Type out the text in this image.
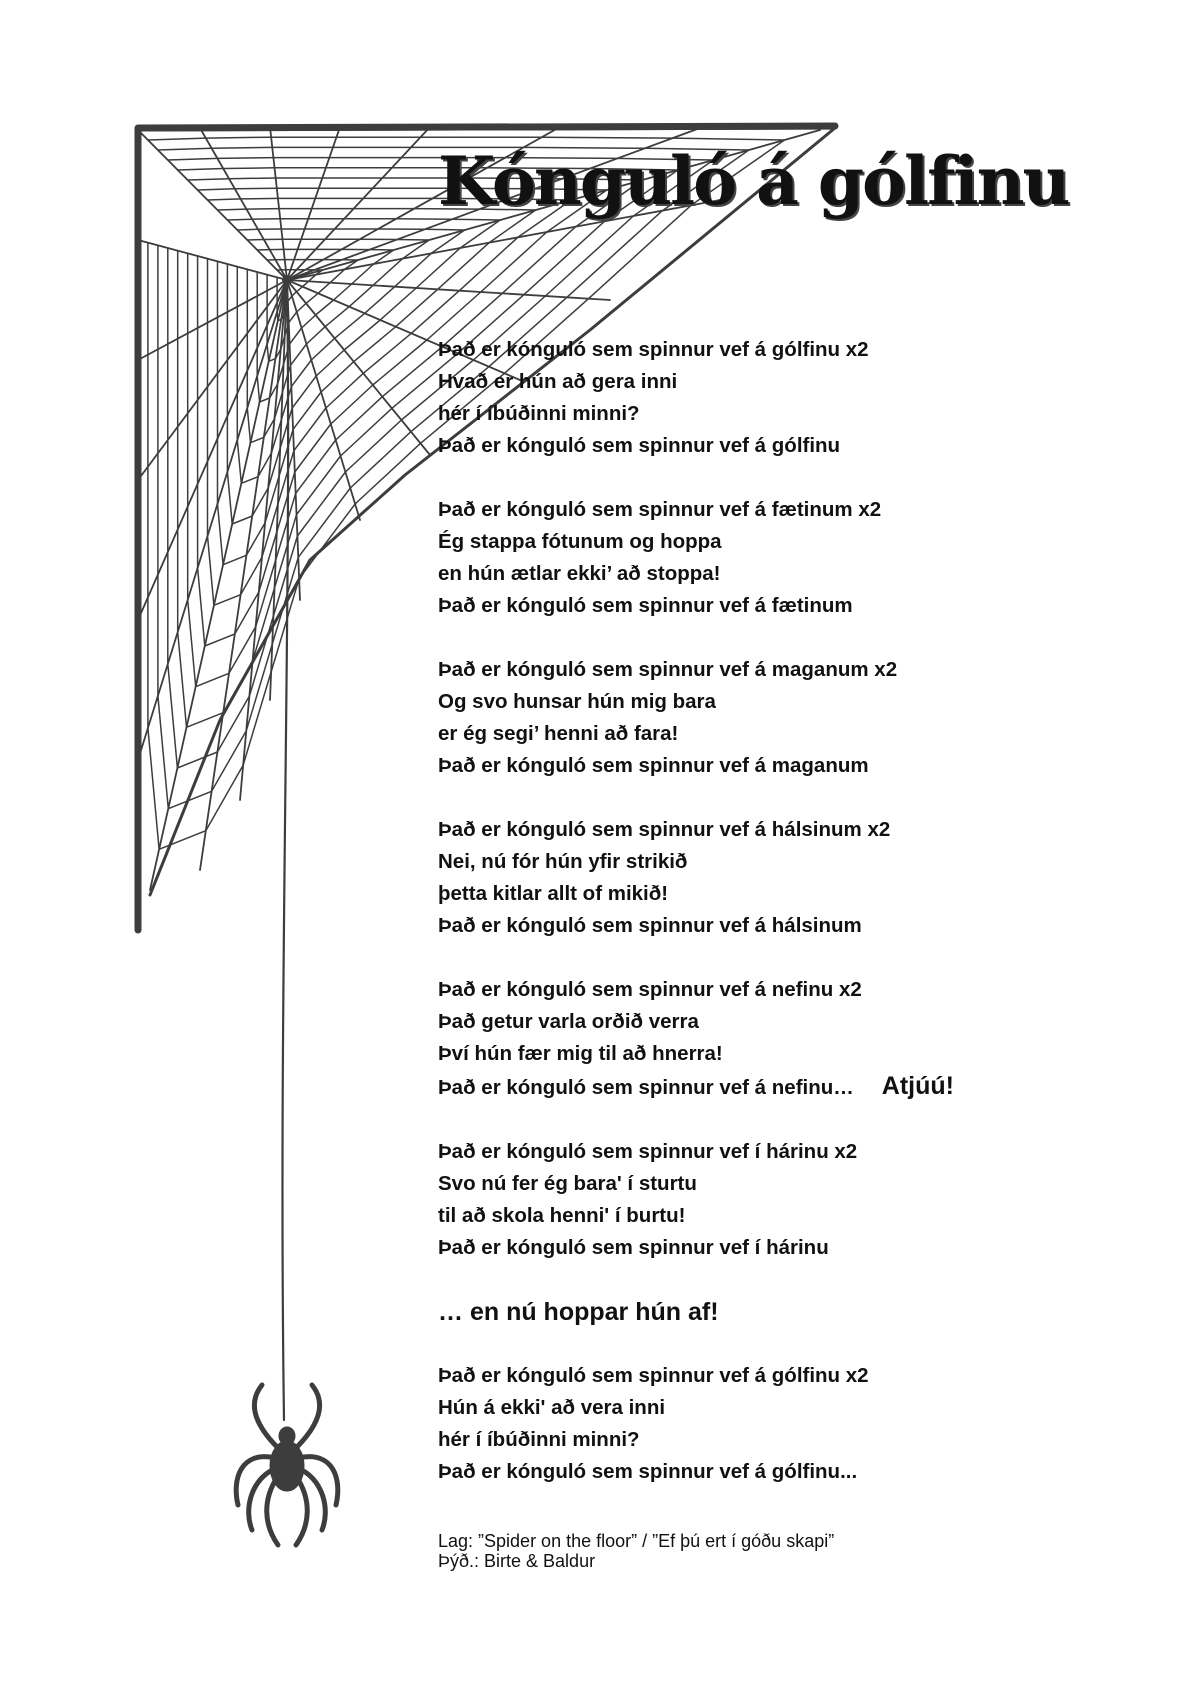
Kónguló á gólfinu
Það er kónguló sem spinnur vef á gólfinu x2
Hvað er hún að gera inni
hér í íbúðinni minni?
Það er kónguló sem spinnur vef á gólfinu
Það er kónguló sem spinnur vef á fætinum x2
Ég stappa fótunum og hoppa
en hún ætlar ekki’ að stoppa!
Það er kónguló sem spinnur vef á fætinum
Það er kónguló sem spinnur vef á maganum x2
Og svo hunsar hún mig bara
er ég segi’ henni að fara!
Það er kónguló sem spinnur vef á maganum
Það er kónguló sem spinnur vef á hálsinum x2
Nei, nú fór hún yfir strikið
þetta kitlar allt of mikið!
Það er kónguló sem spinnur vef á hálsinum
Það er kónguló sem spinnur vef á nefinu x2
Það getur varla orðið verra
Því hún fær mig til að hnerra!
Það er kónguló sem spinnur vef á nefinu… Atjúú!
Það er kónguló sem spinnur vef í hárinu x2
Svo nú fer ég bara' í sturtu
til að skola henni' í burtu!
Það er kónguló sem spinnur vef í hárinu
… en nú hoppar hún af!
Það er kónguló sem spinnur vef á gólfinu x2
Hún á ekki' að vera inni
hér í íbúðinni minni?
Það er kónguló sem spinnur vef á gólfinu...
Lag: ”Spider on the floor” / ”Ef þú ert í góðu skapi”
Þýð.: Birte & Baldur
